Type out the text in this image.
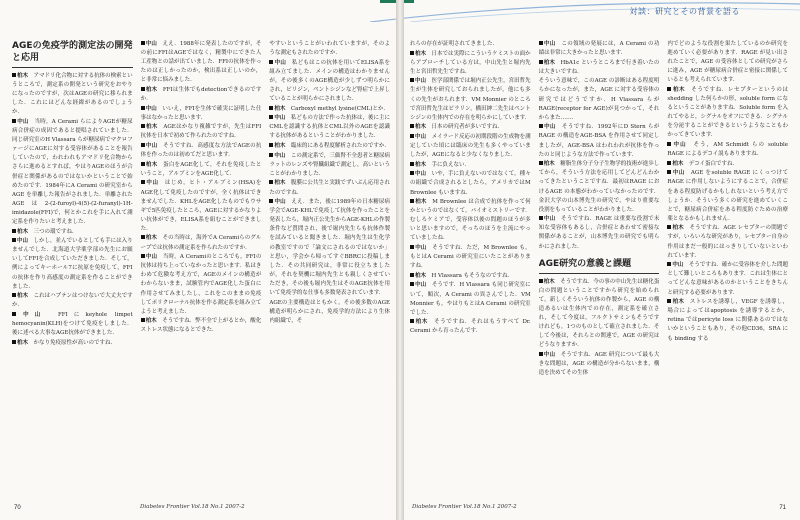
対談：研究とその背景を語る
AGEの免疫学的測定法の開発と応用

柏木　アマドリ化合物に対する抗体の検索というところで，測定系の開発という研究をおやりになったのですが，次はAGEの研究に移られました．これにはどんな経緯があるのでしょうか．

中山　当時，A Cerami らによりAGEが糖尿病合併症の成因であると提唱されていました．同じ研究室のH Vlassara らが糖尿病でマクロファージにAGEに対する受容体があることを報告していたので，われわれもアマドリ化合物からさらに進めるとすれば，やはりAGEのほうが合併症と関係があるのではないかということで始めたのです．1984年にA Cerami の研究室から AGE を単離した報告がされました．単離されたAGEは2-(2-furoyl)-4(5)-(2-furanyl)-1H-imidazole(FFI)で，何とかこれを手に入れて測定系を作りたいと考えました．

柏木　三つの環ですね．

中山　しかし，並んでいるとしても手には入りませんでした．北海道大学薬学部の先生にお願いしてFFIを合成していただきました．そして，例によってキーホール7に抗原を免疫して，FFIの抗体を作り高感度の測定系を作ることができました．

柏木　これはハプテンはつけないで大丈夫ですか．

中山　FFIにkeyhole limpet hemocyanin(KLH)をつけて免疫をしました．後に述べる大事なAGE抗体ができました．

柏木　かなり免疫原性が高いのですね．

中山　ええ．1988年に発表したのですが，その前にFFIはAGEではなく，精製中にできた人工産物との話が出ていました．FFIの抗体を作ったのは正しかったのか，検出系は正しいのか，と非常に悩みました．

柏木　FFIは生体でもdetectionできるのですか．

中山　いいえ，FFIを生体で確実に証明した仕事はなかったと思います．

柏木　AGEはかなり複雑ですが，先生はFFI抗体を日本で初めて作られたのですね．

中山　そうですね．高感度な方法でAGEの抗体を作ったのは初めてだと思います．

柏木　蛋白をAGE化して，それを免疫したということ，アルブミンをAGE化して．

中山　はじめ，ヒト・アルブミン(HSA)をAGE化して免疫したのですが，全く抗体はできませんでした．KHLをAGE化したものでもウサギで5匹免疫したところ，AGEに対するかなりよい抗体ができ，ELISA系を組むことができました．

柏木　その当時は，海外でA Ceramiらのグループでは抗体の測定系を作られたのですか．

中山　当時，A Ceramiのところでも，FFIの抗体は持ち上っていなかったと思います．私はきわめて危険な考え方で，AGEのメインの構造がわからないまま，試験管内でAGE化した蛋白に作用させてみましたし，これをこのままの免疫してポリクローナル抗体を作る測定系を組み立てようと考えました．

柏木　そうですね．弊不全で上がるとか，酸化ストレス状態になるとできた．

やすいということがいわれていますが，そのような測定もされたのですか．

中山　私どもはこの抗体を用いてELISA系を組み立てました．メインの構造はわかりませんが，その後多くのAGE構造が少しずつ明らかにされ，ピリジン，ペントシジンなど腎症で上昇していることが明らかにされました．

柏木　Carboxyl methyl lysine(CML)とか．

中山　私どもの方法で作った抗体は，後に主にCMLを認識する抗体とCML以外のAGEを認識する抗体があるということがわかりました．

柏木　臨床的にある程度解析されたのですか．

中山　この測定系で，三価腎不全患者と糖尿病ラットのレンズや腎臓組織で測定し，高いということがわかりました．

柏木　腹膜に公共生と実践でずいぶん応用されたのですね．

中山　ええ．また，後に1989年の日本糖尿病学会でAGE-KHLで免疫して抗体を作ったことを発表したら，堀内正公先生からAGE-KHLの作製条件など質問され，後で堀内先生らも抗体作製を試みていると聞きました．堀内先生は生化学の教室ですので「論文にされるのではないか」と思い，学会から帰ってすぐBBRCに投稿しました．その共同研究は，非常に役立ちましたが，それを契機に堀内先生とも親しくさせていただき，その後も堀内先生はそのAGE抗体を用いて免疫学的な仕事も多数発表されています．

AGEの主要構造はともかく，その後多数のAGE構造が明らかにされ，免疫学的方法により生体内組織で，そ

70	Diabetes Frontier Vol.18 No.1 2007-2

れらの存在が証明されてきました．

柏木　日本では実際にこういうケミストの面からアプローチしている方は，中山先生と堀内先生と宮田哲先生ですね．

中山　医学部関係では堀内正公先生，宮田哲先生が生体を研究しておられましたが，他にも多くの先生がおられます．VM Monnier のところで宮田哲先生はピラリン，橋田紳二先生はペントシジンの生体内での存在を明らかにしています．

柏木　日本の研究者が多いですね．

中山　メイラード反応の初期段階の生成物を測定していた頃には臨床の先生も多くやっていましたが，AGEになると少なくなりました．

柏木　手に負えない．

中山　いや，手に負えないのではなくて，種々の組織で合成されるとしたら，アメリカではM Brownlee もいますね．

柏木　M Brownlee は合成で抗体を作って何かというのではなくて，バイオミストリーです．むしろケミアで，受容体以後の問題のほうが多いと思いますので，そっちのほうを主流にやっていましたね．

中山　そうですね．ただ，M Brownlee も，もとはA Cerami の研究室にいたことがありますね．

柏木　H Vlassara もそうなのですね．

中山　そうです．H Vlassara も同じ研究室にいて，順次，A Cerami の異さんでした．VM Monnier も，やはりもとはA Cerami の研究室でした．

柏木　そうですね．それはもうすべて Dr. Cerami から育ったんです．

中山　この領域の発展には，A Cerami の功績は非常に大きかったと思います．

柏木　HbA1c というところまで行き着いたのは大きいですね．

そういう意味で，このAGE の診断はある程度明らかになったが，また，AGE に対する受容体の研究ではどうですか．H Vlassara らがRAGE(receptor for AGE)が見つかって，それからまた……．

中山　そうですね．1992年にD Stern らがRAGE の構造をAGE-BSA を作用させて同定しましたが，AGE-BSA はわれわれが抗体を作ったのと同じような方法で作っています．

柏木　糖脂生体分子分子生物学的技術が進歩してから，そういう方法を応用してどんどんわかってきたということですね．最初はRAGE におけるAGE の本態がわかっていなかったのです．金沢大学の山本博先生の研究で，やはり重要な役割をもっていることがわかりました．

中山　そうですね．RAGE は重要な役割で未知な受容体もあるし，合併症とあわせて密接な関係があることが，山本博先生の研究でも明らかにされました．

AGE研究の意義と課題

柏木　そうですね．今の事の中山先生は糖化蛋白の問題ということですから研究を始められて，新しくそういう抗体の作製から，AGE の構造あるいは生体内での存在，測定系を確立され，そして今度は，フルクトサミンもそうですけれども，1つのものとして確立されました．そして今後は，それらとの関連で，AGE の研究はどうなりますか．

中山　そうですね．AGE 研究について最も大きな問題は，AGE の構造が分からないまま，構造を決めてその生体

内でどのような役割を果たしているのか研究を進めていく必要があります．RAGE が見い出されたことで，AGE の受容体としての研究がさらに進み，AGE が糖尿病合併症と密接に関係しているとも考えられています．

柏木　そうですね．レセプターというのはshedding した何らかの形，soluble form になるということがありますね．Soluble form を入れてやると，シグナルをオフにできる．シグナルを分泌することができるというようなこともわかってきています．

中山　そう，AM Schmidt らの soluble RAGE によるデコイ説もありますね．

柏木　デコイ蛋白ですね．

中山　AGE をsoluble RAGE にくっつけてRAGE に作用しないようにすることで，合併症をある程度防げるかもしれないという考え方でしょうか．そういう多くの研究を進めていくことで，糖尿病合併症をある程度防ぐための治療薬となるかもしれません．

柏木　そうですね．AGE レセプターの問題ですが，いろいろな研究があり，レセプター自身の作用はまだ一般的にはっきりしていないといわれています．

中山　そうですね．確かに受容体を介した問題として難しいところもあります．これは生体にとってどんな意味があるのかということをきちんと研究する必要があります．

柏木　ストレスを誘導し，VEGF を誘導し，場合によってはapoptosis を誘導するとか，retina ではpericyte loss に関係あるのではないかということもあり，その他CD36，SRA にも binding する

Diabetes Frontier Vol.18 No.1 2007-2	71
